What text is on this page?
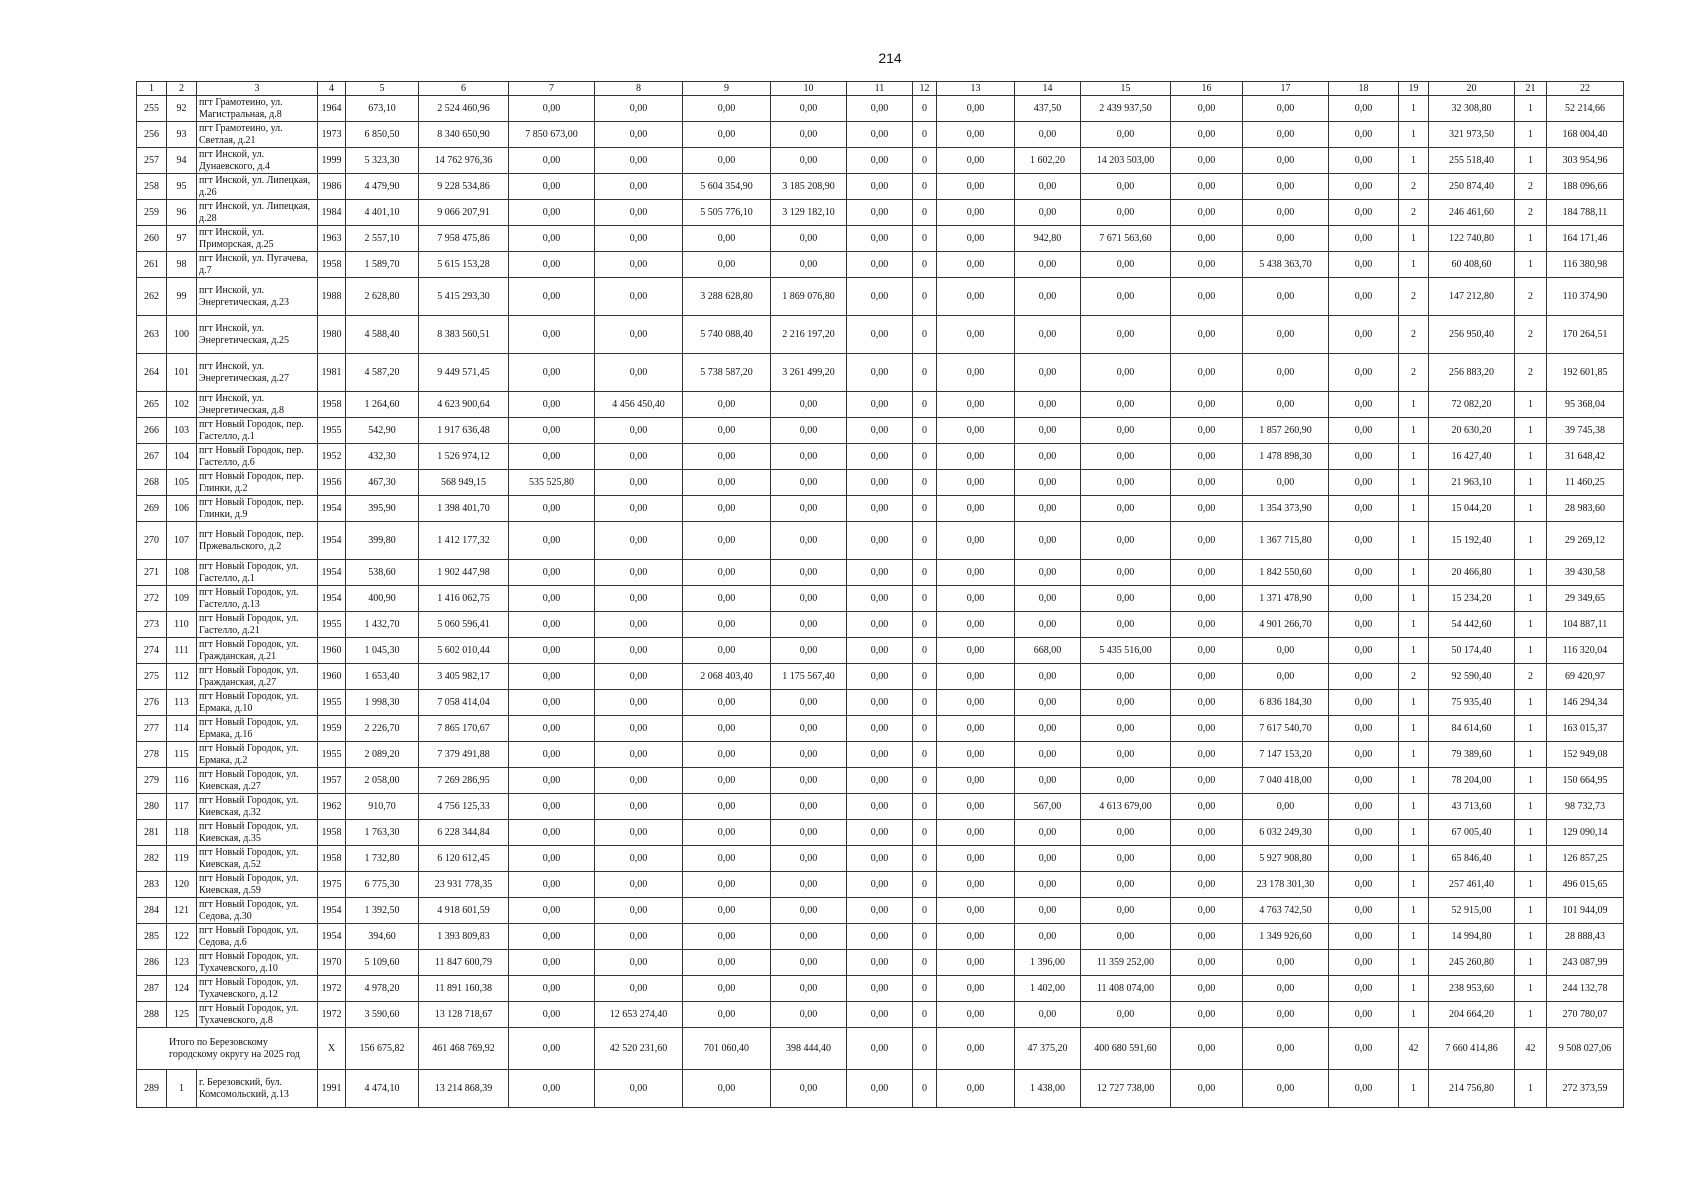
214
1	2	3	4	5	6	7	8	9	10	11	12	13	14	15	16	17	18	19	20	21	22
255	92	пгт Грамотеино, ул. Магистральная, д.8	1964	673,10	2 524 460,96	0,00	0,00	0,00	0,00	0,00	0	0,00	437,50	2 439 937,50	0,00	0,00	0,00	1	32 308,80	1	52 214,66
256	93	пгт Грамотеино, ул. Светлая, д.21	1973	6 850,50	8 340 650,90	7 850 673,00	0,00	0,00	0,00	0,00	0	0,00	0,00	0,00	0,00	0,00	0,00	1	321 973,50	1	168 004,40
257	94	пгт Инской, ул. Дунаевского, д.4	1999	5 323,30	14 762 976,36	0,00	0,00	0,00	0,00	0,00	0	0,00	1 602,20	14 203 503,00	0,00	0,00	0,00	1	255 518,40	1	303 954,96
258	95	пгт Инской, ул. Липецкая, д.26	1986	4 479,90	9 228 534,86	0,00	0,00	5 604 354,90	3 185 208,90	0,00	0	0,00	0,00	0,00	0,00	0,00	0,00	2	250 874,40	2	188 096,66
259	96	пгт Инской, ул. Липецкая, д.28	1984	4 401,10	9 066 207,91	0,00	0,00	5 505 776,10	3 129 182,10	0,00	0	0,00	0,00	0,00	0,00	0,00	0,00	2	246 461,60	2	184 788,11
260	97	пгт Инской, ул. Приморская, д.25	1963	2 557,10	7 958 475,86	0,00	0,00	0,00	0,00	0,00	0	0,00	942,80	7 671 563,60	0,00	0,00	0,00	1	122 740,80	1	164 171,46
261	98	пгт Инской, ул. Пугачева, д.7	1958	1 589,70	5 615 153,28	0,00	0,00	0,00	0,00	0,00	0	0,00	0,00	0,00	0,00	5 438 363,70	0,00	1	60 408,60	1	116 380,98
262	99	пгт Инской, ул. Энергетическая, д.23	1988	2 628,80	5 415 293,30	0,00	0,00	3 288 628,80	1 869 076,80	0,00	0	0,00	0,00	0,00	0,00	0,00	0,00	2	147 212,80	2	110 374,90
263	100	пгт Инской, ул. Энергетическая, д.25	1980	4 588,40	8 383 560,51	0,00	0,00	5 740 088,40	2 216 197,20	0,00	0	0,00	0,00	0,00	0,00	0,00	0,00	2	256 950,40	2	170 264,51
264	101	пгт Инской, ул. Энергетическая, д.27	1981	4 587,20	9 449 571,45	0,00	0,00	5 738 587,20	3 261 499,20	0,00	0	0,00	0,00	0,00	0,00	0,00	0,00	2	256 883,20	2	192 601,85
265	102	пгт Инской, ул. Энергетическая, д.8	1958	1 264,60	4 623 900,64	0,00	4 456 450,40	0,00	0,00	0,00	0	0,00	0,00	0,00	0,00	0,00	0,00	1	72 082,20	1	95 368,04
266	103	пгт Новый Городок, пер. Гастелло, д.1	1955	542,90	1 917 636,48	0,00	0,00	0,00	0,00	0,00	0	0,00	0,00	0,00	0,00	1 857 260,90	0,00	1	20 630,20	1	39 745,38
267	104	пгт Новый Городок, пер. Гастелло, д.6	1952	432,30	1 526 974,12	0,00	0,00	0,00	0,00	0,00	0	0,00	0,00	0,00	0,00	1 478 898,30	0,00	1	16 427,40	1	31 648,42
268	105	пгт Новый Городок, пер. Глинки, д.2	1956	467,30	568 949,15	535 525,80	0,00	0,00	0,00	0,00	0	0,00	0,00	0,00	0,00	0,00	0,00	1	21 963,10	1	11 460,25
269	106	пгт Новый Городок, пер. Глинки, д.9	1954	395,90	1 398 401,70	0,00	0,00	0,00	0,00	0,00	0	0,00	0,00	0,00	0,00	1 354 373,90	0,00	1	15 044,20	1	28 983,60
270	107	пгт Новый Городок, пер. Пржевальского, д.2	1954	399,80	1 412 177,32	0,00	0,00	0,00	0,00	0,00	0	0,00	0,00	0,00	0,00	1 367 715,80	0,00	1	15 192,40	1	29 269,12
271	108	пгт Новый Городок, ул. Гастелло, д.1	1954	538,60	1 902 447,98	0,00	0,00	0,00	0,00	0,00	0	0,00	0,00	0,00	0,00	1 842 550,60	0,00	1	20 466,80	1	39 430,58
272	109	пгт Новый Городок, ул. Гастелло, д.13	1954	400,90	1 416 062,75	0,00	0,00	0,00	0,00	0,00	0	0,00	0,00	0,00	0,00	1 371 478,90	0,00	1	15 234,20	1	29 349,65
273	110	пгт Новый Городок, ул. Гастелло, д.21	1955	1 432,70	5 060 596,41	0,00	0,00	0,00	0,00	0,00	0	0,00	0,00	0,00	0,00	4 901 266,70	0,00	1	54 442,60	1	104 887,11
274	111	пгт Новый Городок, ул. Гражданская, д.21	1960	1 045,30	5 602 010,44	0,00	0,00	0,00	0,00	0,00	0	0,00	668,00	5 435 516,00	0,00	0,00	0,00	1	50 174,40	1	116 320,04
275	112	пгт Новый Городок, ул. Гражданская, д.27	1960	1 653,40	3 405 982,17	0,00	0,00	2 068 403,40	1 175 567,40	0,00	0	0,00	0,00	0,00	0,00	0,00	0,00	2	92 590,40	2	69 420,97
276	113	пгт Новый Городок, ул. Ермака, д.10	1955	1 998,30	7 058 414,04	0,00	0,00	0,00	0,00	0,00	0	0,00	0,00	0,00	0,00	6 836 184,30	0,00	1	75 935,40	1	146 294,34
277	114	пгт Новый Городок, ул. Ермака, д.16	1959	2 226,70	7 865 170,67	0,00	0,00	0,00	0,00	0,00	0	0,00	0,00	0,00	0,00	7 617 540,70	0,00	1	84 614,60	1	163 015,37
278	115	пгт Новый Городок, ул. Ермака, д.2	1955	2 089,20	7 379 491,88	0,00	0,00	0,00	0,00	0,00	0	0,00	0,00	0,00	0,00	7 147 153,20	0,00	1	79 389,60	1	152 949,08
279	116	пгт Новый Городок, ул. Киевская, д.27	1957	2 058,00	7 269 286,95	0,00	0,00	0,00	0,00	0,00	0	0,00	0,00	0,00	0,00	7 040 418,00	0,00	1	78 204,00	1	150 664,95
280	117	пгт Новый Городок, ул. Киевская, д.32	1962	910,70	4 756 125,33	0,00	0,00	0,00	0,00	0,00	0	0,00	567,00	4 613 679,00	0,00	0,00	0,00	1	43 713,60	1	98 732,73
281	118	пгт Новый Городок, ул. Киевская, д.35	1958	1 763,30	6 228 344,84	0,00	0,00	0,00	0,00	0,00	0	0,00	0,00	0,00	0,00	6 032 249,30	0,00	1	67 005,40	1	129 090,14
282	119	пгт Новый Городок, ул. Киевская, д.52	1958	1 732,80	6 120 612,45	0,00	0,00	0,00	0,00	0,00	0	0,00	0,00	0,00	0,00	5 927 908,80	0,00	1	65 846,40	1	126 857,25
283	120	пгт Новый Городок, ул. Киевская, д.59	1975	6 775,30	23 931 778,35	0,00	0,00	0,00	0,00	0,00	0	0,00	0,00	0,00	0,00	23 178 301,30	0,00	1	257 461,40	1	496 015,65
284	121	пгт Новый Городок, ул. Седова, д.30	1954	1 392,50	4 918 601,59	0,00	0,00	0,00	0,00	0,00	0	0,00	0,00	0,00	0,00	4 763 742,50	0,00	1	52 915,00	1	101 944,09
285	122	пгт Новый Городок, ул. Седова, д.6	1954	394,60	1 393 809,83	0,00	0,00	0,00	0,00	0,00	0	0,00	0,00	0,00	0,00	1 349 926,60	0,00	1	14 994,80	1	28 888,43
286	123	пгт Новый Городок, ул. Тухачевского, д.10	1970	5 109,60	11 847 600,79	0,00	0,00	0,00	0,00	0,00	0	0,00	1 396,00	11 359 252,00	0,00	0,00	0,00	1	245 260,80	1	243 087,99
287	124	пгт Новый Городок, ул. Тухачевского, д.12	1972	4 978,20	11 891 160,38	0,00	0,00	0,00	0,00	0,00	0	0,00	1 402,00	11 408 074,00	0,00	0,00	0,00	1	238 953,60	1	244 132,78
288	125	пгт Новый Городок, ул. Тухачевского, д.8	1972	3 590,60	13 128 718,67	0,00	12 653 274,40	0,00	0,00	0,00	0	0,00	0,00	0,00	0,00	0,00	0,00	1	204 664,20	1	270 780,07
Итого по Березовскому городскому округу на 2025 год			X	156 675,82	461 468 769,92	0,00	42 520 231,60	701 060,40	398 444,40	0,00	0	0,00	47 375,20	400 680 591,60	0,00	0,00	0,00	42	7 660 414,86	42	9 508 027,06
289	1	г. Березовский, бул. Комсомольский, д.13	1991	4 474,10	13 214 868,39	0,00	0,00	0,00	0,00	0,00	0	0,00	1 438,00	12 727 738,00	0,00	0,00	0,00	1	214 756,80	1	272 373,59
